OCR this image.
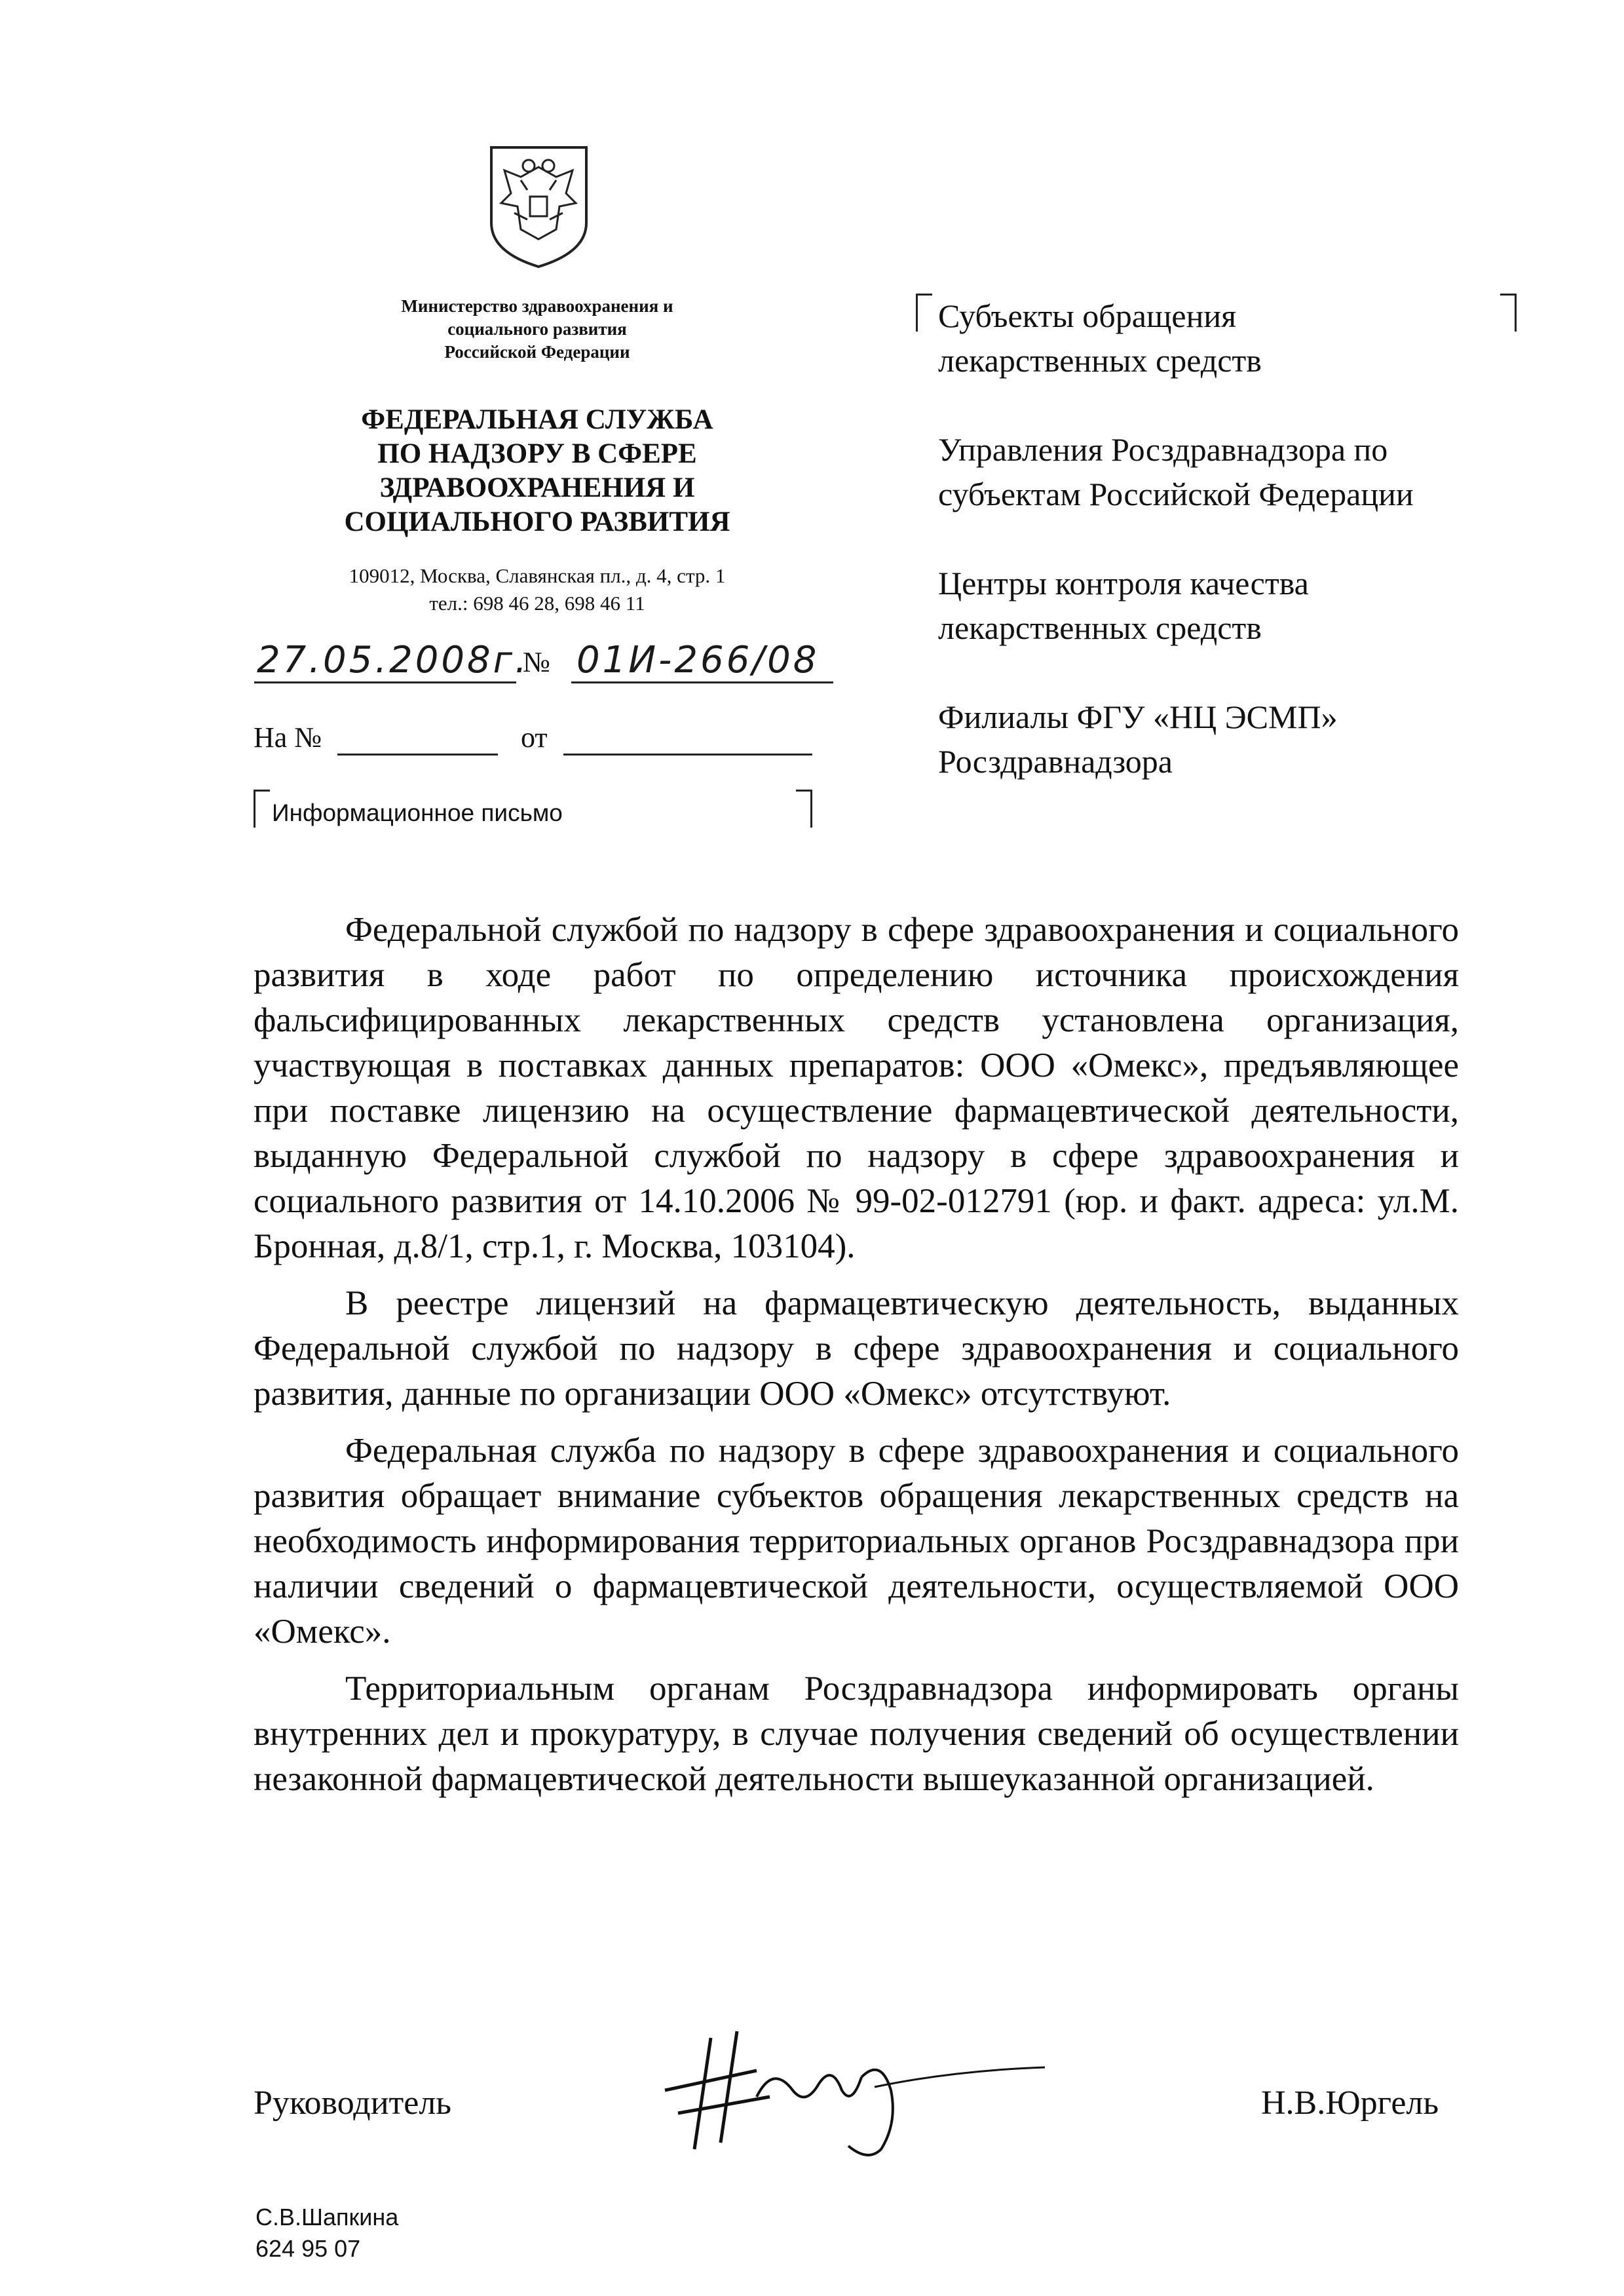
Министерство здравоохранения и
социального развития
Российской Федерации
ФЕДЕРАЛЬНАЯ СЛУЖБА
ПО НАДЗОРУ В СФЕРЕ
ЗДРАВООХРАНЕНИЯ И
СОЦИАЛЬНОГО РАЗВИТИЯ
109012, Москва, Славянская пл., д. 4, стр. 1
тел.: 698 46 28, 698 46 11
27.05.2008г.
№ 01И-266/08
На №	от
Информационное письмо
Субъекты обращения
лекарственных средств
Управления Росздравнадзора по
субъектам Российской Федерации
Центры контроля качества
лекарственных средств
Филиалы ФГУ «НЦ ЭСМП»
Росздравнадзора

Федеральной службой по надзору в сфере здравоохранения и социального развития в ходе работ по определению источника происхождения фальсифицированных лекарственных средств установлена организация, участвующая в поставках данных препаратов: ООО «Омекс», предъявляющее при поставке лицензию на осуществление фармацевтической деятельности, выданную Федеральной службой по надзору в сфере здравоохранения и социального развития от 14.10.2006 № 99-02-012791 (юр. и факт. адреса: ул.М. Бронная, д.8/1, стр.1, г. Москва, 103104).

В реестре лицензий на фармацевтическую деятельность, выданных Федеральной службой по надзору в сфере здравоохранения и социального развития, данные по организации ООО «Омекс» отсутствуют.

Федеральная служба по надзору в сфере здравоохранения и социального развития обращает внимание субъектов обращения лекарственных средств на необходимость информирования территориальных органов Росздравнадзора при наличии сведений о фармацевтической деятельности, осуществляемой ООО «Омекс».

Территориальным органам Росздравнадзора информировать органы внутренних дел и прокуратуру, в случае получения сведений об осуществлении незаконной фармацевтической деятельности вышеуказанной организацией.

Руководитель	Н.В.Юргель
С.В.Шапкина
624 95 07
